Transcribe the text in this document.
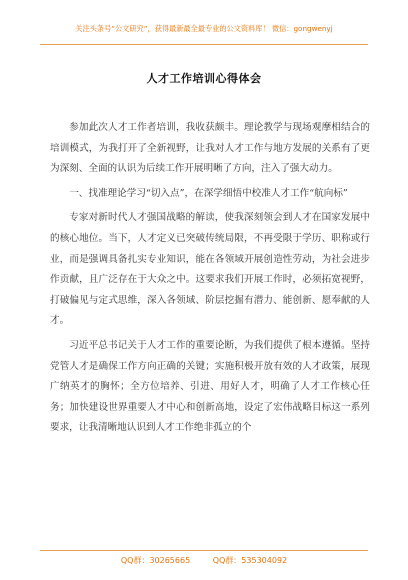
关注头条号“公文研究”，获得最新最全最专业的公文资料库！ 微信：gongwenyj
人才工作培训心得体会

参加此次人才工作者培训，我收获颇丰。理论教学与现场观摩相结合的培训模式，为我打开了全新视野，让我对人才工作与地方发展的关系有了更为深刻、全面的认识为后续工作开展明晰了方向，注入了强大动力。

一、找准理论学习“切入点”，在深学细悟中校准人才工作“航向标”

专家对新时代人才强国战略的解读，使我深刻领会到人才在国家发展中的核心地位。当下，人才定义已突破传统局限，不再受限于学历、职称或行业，而是强调具备扎实专业知识，能在各领域开展创造性劳动，为社会进步作贡献，且广泛存在于大众之中。这要求我们开展工作时，必须拓宽视野，打破偏见与定式思维，深入各领域、阶层挖掘有潜力、能创新、愿奉献的人才。

习近平总书记关于人才工作的重要论断，为我们提供了根本遵循。坚持党管人才是确保工作方向正确的关键；实施积极开放有效的人才政策，展现广纳英才的胸怀；全方位培养、引进、用好人才，明确了人才工作核心任务；加快建设世界重要人才中心和创新高地，设定了宏伟战略目标这一系列要求，让我清晰地认识到人才工作绝非孤立的个

QQ群：30265665	QQ群：535304092
